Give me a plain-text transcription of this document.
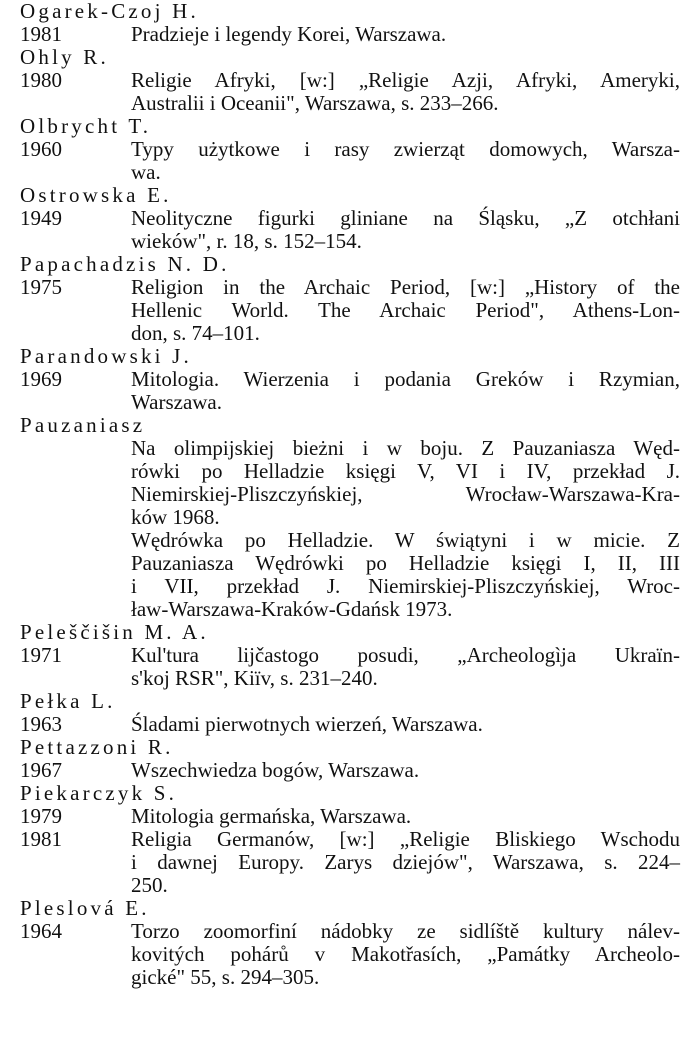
Ogarek-Czoj H.
1981	Pradzieje i legendy Korei, Warszawa.
Ohly R.
1980	Religie Afryki, [w:] „Religie Azji, Afryki, Ameryki,
Australii i Oceanii", Warszawa, s. 233–266.
Olbrycht T.
1960	Typy użytkowe i rasy zwierząt domowych, Warsza-
wa.
Ostrowska E.
1949	Neolityczne figurki gliniane na Śląsku, „Z otchłani
wieków", r. 18, s. 152–154.
Papachadzis N. D.
1975	Religion in the Archaic Period, [w:] „History of the
Hellenic World. The Archaic Period", Athens-Lon-
don, s. 74–101.
Parandowski J.
1969	Mitologia. Wierzenia i podania Greków i Rzymian,
Warszawa.
Pauzaniasz
Na olimpijskiej bieżni i w boju. Z Pauzaniasza Węd-
rówki po Helladzie księgi V, VI i IV, przekład J.
Niemirskiej-Pliszczyńskiej, Wrocław-Warszawa-Kra-
ków 1968.
Wędrówka po Helladzie. W świątyni i w micie. Z
Pauzaniasza Wędrówki po Helladzie księgi I, II, III
i VII, przekład J. Niemirskiej-Pliszczyńskiej, Wroc-
ław-Warszawa-Kraków-Gdańsk 1973.
Peleščišin M. A.
1971	Kul'tura lijčastogo posudi, „Archeologìja Ukraïn-
s'koj RSR", Kiïv, s. 231–240.
Pełka L.
1963	Śladami pierwotnych wierzeń, Warszawa.
Pettazzoni R.
1967	Wszechwiedza bogów, Warszawa.
Piekarczyk S.
1979	Mitologia germańska, Warszawa.
1981	Religia Germanów, [w:] „Religie Bliskiego Wschodu
i dawnej Europy. Zarys dziejów", Warszawa, s. 224–
250.
Pleslová E.
1964	Torzo zoomorfiní nádobky ze sidlíště kultury nálev-
kovitých pohárů v Makotřasích, „Památky Archeolo-
gické" 55, s. 294–305.
